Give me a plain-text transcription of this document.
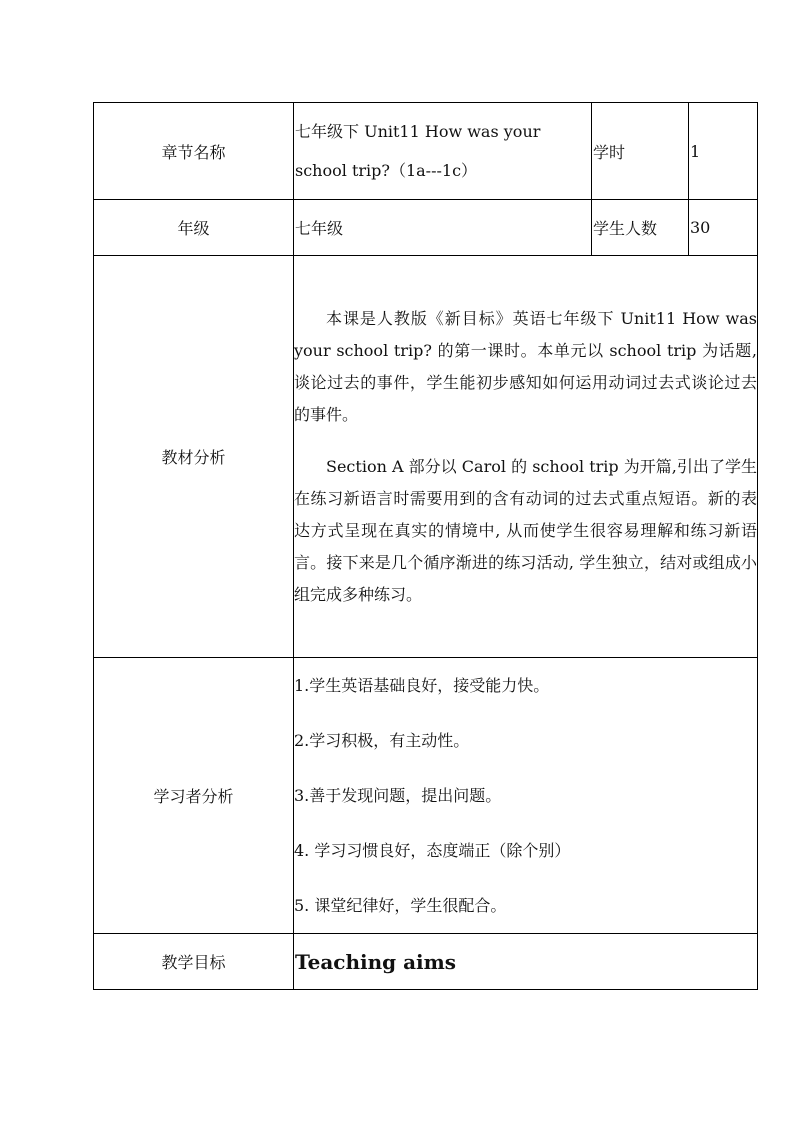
章节名称	七年级下 Unit11 How was your
school trip?（1a---1c）	学时	1
年级	七年级	学生人数	30
教材分析	本课是人教版《新目标》英语七年级下 Unit11 How was your school trip? 的第一课时。本单元以 school trip 为话题, 谈论过去的事件，学生能初步感知如何运用动词过去式谈论过去的事件。

Section A 部分以 Carol 的 school trip 为开篇,引出了学生在练习新语言时需要用到的含有动词的过去式重点短语。新的表达方式呈现在真实的情境中, 从而使学生很容易理解和练习新语言。接下来是几个循序渐进的练习活动, 学生独立，结对或组成小组完成多种练习。		

学习者分析	1.学生英语基础良好，接受能力快。
2.学习积极，有主动性。
3.善于发现问题，提出问题。
4. 学习习惯良好，态度端正（除个别）
5. 课堂纪律好，学生很配合。		

教学目标	Teaching aims		
